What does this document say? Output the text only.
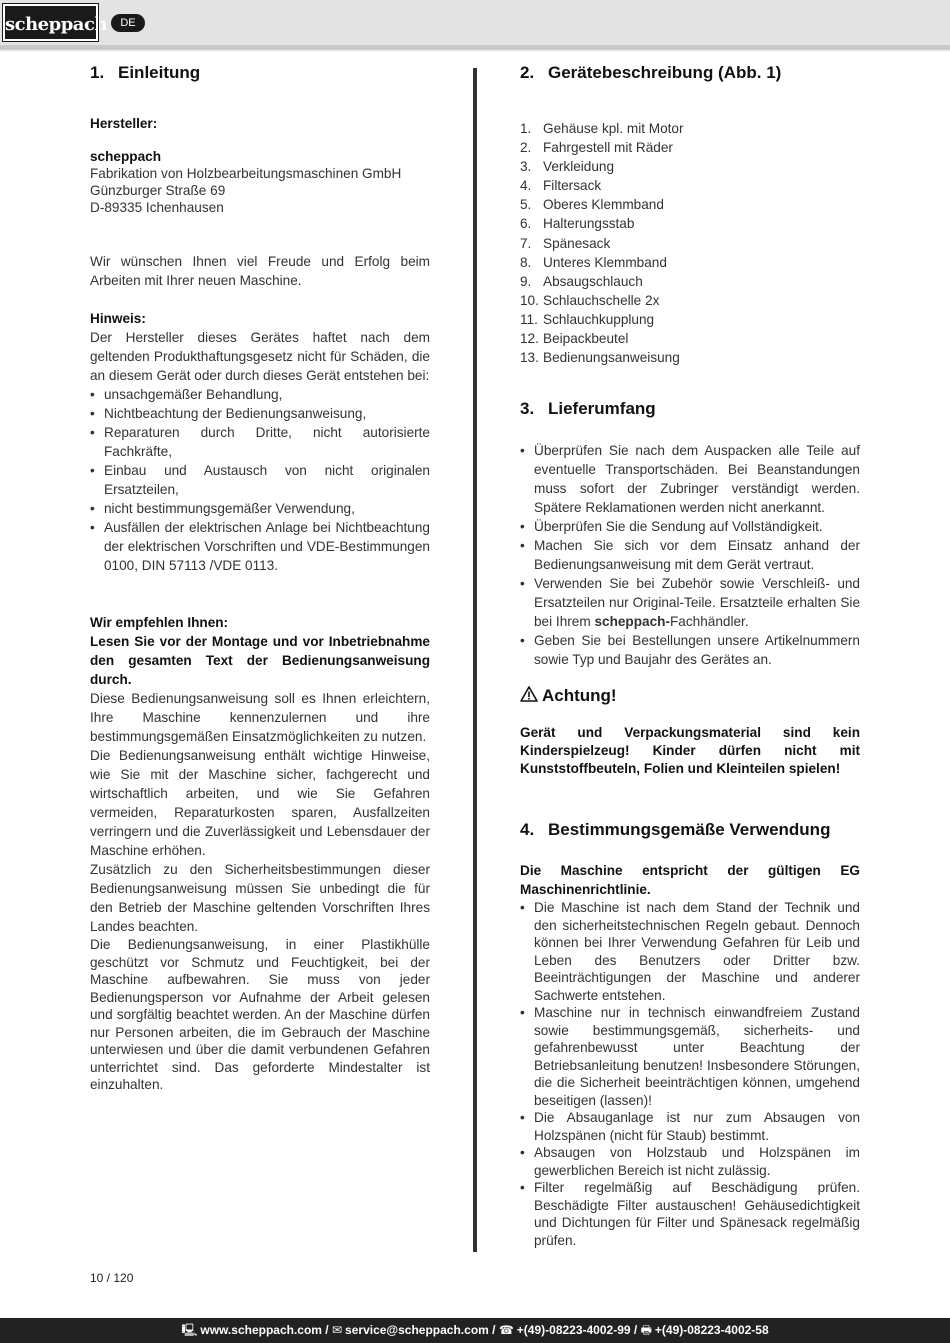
scheppach	DE
1. Einleitung
Hersteller:
scheppach
Fabrikation von Holzbearbeitungsmaschinen GmbH
Günzburger Straße 69
D-89335 Ichenhausen
Wir wünschen Ihnen viel Freude und Erfolg beim Arbeiten mit Ihrer neuen Maschine.
Hinweis:
Der Hersteller dieses Gerätes haftet nach dem geltenden Produkthaftungsgesetz nicht für Schäden, die an diesem Gerät oder durch dieses Gerät entstehen bei:
• unsachgemäßer Behandlung,
• Nichtbeachtung der Bedienungsanweisung,
• Reparaturen durch Dritte, nicht autorisierte Fachkräfte,
• Einbau und Austausch von nicht originalen Ersatzteilen,
• nicht bestimmungsgemäßer Verwendung,
• Ausfällen der elektrischen Anlage bei Nichtbeachtung der elektrischen Vorschriften und VDE-Bestimmungen 0100, DIN 57113 /VDE 0113.
Wir empfehlen Ihnen:
Lesen Sie vor der Montage und vor Inbetriebnahme den gesamten Text der Bedienungsanweisung durch.
Diese Bedienungsanweisung soll es Ihnen erleichtern, Ihre Maschine kennenzulernen und ihre bestimmungsgemäßen Einsatzmöglichkeiten zu nutzen.
Die Bedienungsanweisung enthält wichtige Hinweise, wie Sie mit der Maschine sicher, fachgerecht und wirtschaftlich arbeiten, und wie Sie Gefahren vermeiden, Reparaturkosten sparen, Ausfallzeiten verringern und die Zuverlässigkeit und Lebensdauer der Maschine erhöhen.
Zusätzlich zu den Sicherheitsbestimmungen dieser Bedienungsanweisung müssen Sie unbedingt die für den Betrieb der Maschine geltenden Vorschriften Ihres Landes beachten.
Die Bedienungsanweisung, in einer Plastikhülle geschützt vor Schmutz und Feuchtigkeit, bei der Maschine aufbewahren. Sie muss von jeder Bedienungsperson vor Aufnahme der Arbeit gelesen und sorgfältig beachtet werden. An der Maschine dürfen nur Personen arbeiten, die im Gebrauch der Maschine unterwiesen und über die damit verbundenen Gefahren unterrichtet sind. Das geforderte Mindestalter ist einzuhalten.
2. Gerätebeschreibung (Abb. 1)
1. Gehäuse kpl. mit Motor
2. Fahrgestell mit Räder
3. Verkleidung
4. Filtersack
5. Oberes Klemmband
6. Halterungsstab
7. Spänesack
8. Unteres Klemmband
9. Absaugschlauch
10. Schlauchschelle 2x
11. Schlauchkupplung
12. Beipackbeutel
13. Bedienungsanweisung
3. Lieferumfang
• Überprüfen Sie nach dem Auspacken alle Teile auf eventuelle Transportschäden. Bei Beanstandungen muss sofort der Zubringer verständigt werden. Spätere Reklamationen werden nicht anerkannt.
• Überprüfen Sie die Sendung auf Vollständigkeit.
• Machen Sie sich vor dem Einsatz anhand der Bedienungsanweisung mit dem Gerät vertraut.
• Verwenden Sie bei Zubehör sowie Verschleiß- und Ersatzteilen nur Original-Teile. Ersatzteile erhalten Sie bei Ihrem scheppach-Fachhändler.
• Geben Sie bei Bestellungen unsere Artikelnummern sowie Typ und Baujahr des Gerätes an.
Achtung!
Gerät und Verpackungsmaterial sind kein Kinderspielzeug! Kinder dürfen nicht mit Kunststoffbeuteln, Folien und Kleinteilen spielen!
4. Bestimmungsgemäße Verwendung
Die Maschine entspricht der gültigen EG Maschinenrichtlinie.
• Die Maschine ist nach dem Stand der Technik und den sicherheitstechnischen Regeln gebaut. Dennoch können bei Ihrer Verwendung Gefahren für Leib und Leben des Benutzers oder Dritter bzw. Beeinträchtigungen der Maschine und anderer Sachwerte entstehen.
• Maschine nur in technisch einwandfreiem Zustand sowie bestimmungsgemäß, sicherheits- und gefahrenbewusst unter Beachtung der Betriebsanleitung benutzen! Insbesondere Störungen, die die Sicherheit beeinträchtigen können, umgehend beseitigen (lassen)!
• Die Absauganlage ist nur zum Absaugen von Holzspänen (nicht für Staub) bestimmt.
• Absaugen von Holzstaub und Holzspänen im gewerblichen Bereich ist nicht zulässig.
• Filter regelmäßig auf Beschädigung prüfen. Beschädigte Filter austauschen! Gehäusedichtigkeit und Dichtungen für Filter und Spänesack regelmäßig prüfen.
10 / 120
🖳 www.scheppach.com / ✉ service@scheppach.com / ☎ +(49)-08223-4002-99 / 🖶 +(49)-08223-4002-58
